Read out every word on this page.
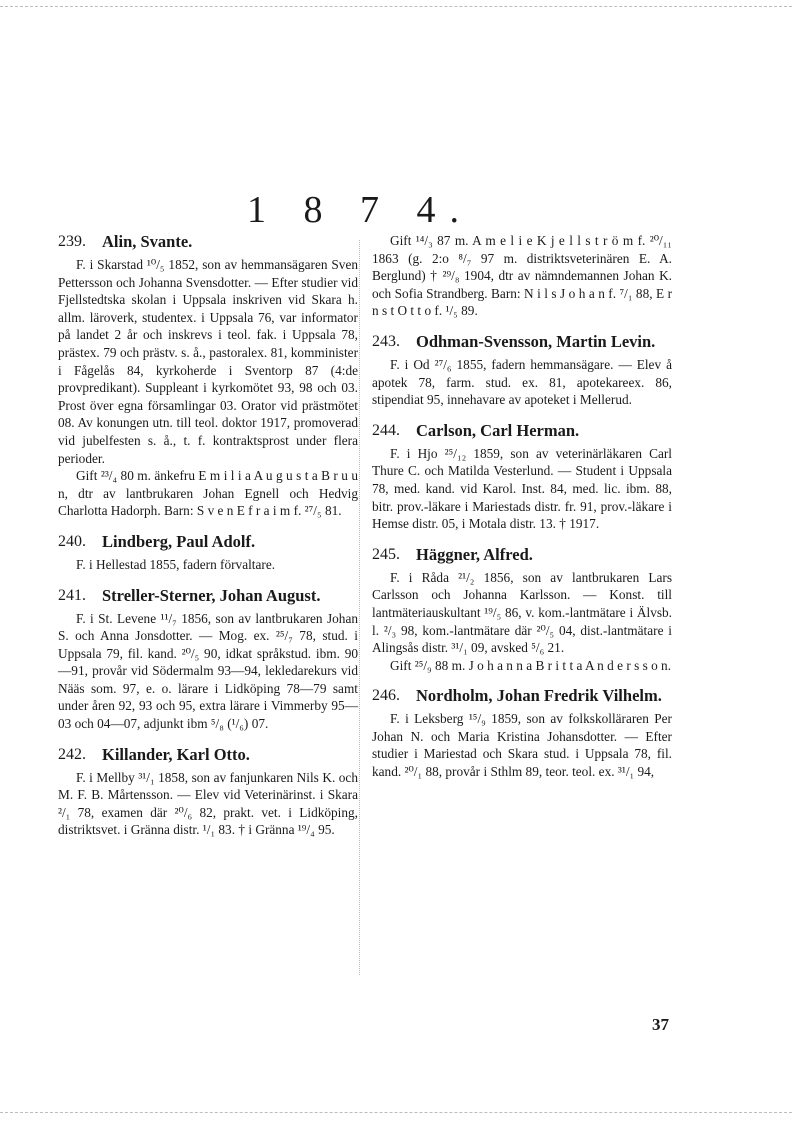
1 8 7 4.
239. Alin, Svante.

F. i Skarstad ¹⁰/₅ 1852, son av hemmansägaren Sven Pettersson och Johanna Svensdotter. — Efter studier vid Fjellstedtska skolan i Uppsala inskriven vid Skara h. allm. läroverk, studentex. i Uppsala 76, var informator på landet 2 år och inskrevs i teol. fak. i Uppsala 78, prästex. 79 och prästv. s. å., pastoralex. 81, komminister i Fågelås 84, kyrkoherde i Sventorp 87 (4:de provpredikant). Suppleant i kyrkomötet 93, 98 och 03. Prost över egna församlingar 03. Orator vid prästmötet 08. Av konungen utn. till teol. doktor 1917, promoverad vid jubelfesten s. å., t. f. kontraktsprost under flera perioder.

Gift ²³/₄ 80 m. änkefru E m i l i a A u g u s t a B r u u n, dtr av lantbrukaren Johan Egnell och Hedvig Charlotta Hadorph. Barn: S v e n E f r a i m f. ²⁷/₅ 81.

240. Lindberg, Paul Adolf.

F. i Hellestad 1855, fadern förvaltare.

241. Streller-Sterner, Johan August.

F. i St. Levene ¹¹/₇ 1856, son av lantbrukaren Johan S. och Anna Jonsdotter. — Mog. ex. ²⁵/₇ 78, stud. i Uppsala 79, fil. kand. ²⁰/₅ 90, idkat språkstud. ibm. 90—91, provår vid Södermalm 93—94, lekledarekurs vid Nääs som. 97, e. o. lärare i Lidköping 78—79 samt under åren 92, 93 och 95, extra lärare i Vimmerby 95—03 och 04—07, adjunkt ibm ⁵/₈ (¹/₆) 07.

242. Killander, Karl Otto.

F. i Mellby ³¹/₁ 1858, son av fanjunkaren Nils K. och M. F. B. Mårtensson. — Elev vid Veterinärinst. i Skara ²/₁ 78, examen där ²⁰/₆ 82, prakt. vet. i Lidköping, distriktsvet. i Gränna distr. ¹/₁ 83. † i Gränna ¹⁹/₄ 95.

Gift ¹⁴/₃ 87 m. A m e l i e K j e l l s t r ö m f. ²⁰/₁₁ 1863 (g. 2:o ⁸/₇ 97 m. distriktsveterinären E. A. Berglund) † ²⁹/₈ 1904, dtr av nämndemannen Johan K. och Sofia Strandberg. Barn: N i l s J o h a n f. ⁷/₁ 88, E r n s t O t t o f. ¹/₅ 89.

243. Odhman-Svensson, Martin Levin.

F. i Od ²⁷/₆ 1855, fadern hemmansägare. — Elev å apotek 78, farm. stud. ex. 81, apotekareex. 86, stipendiat 95, innehavare av apoteket i Mellerud.

244. Carlson, Carl Herman.

F. i Hjo ²⁵/₁₂ 1859, son av veterinärläkaren Carl Thure C. och Matilda Vesterlund. — Student i Uppsala 78, med. kand. vid Karol. Inst. 84, med. lic. ibm. 88, bitr. prov.-läkare i Mariestads distr. fr. 91, prov.-läkare i Hemse distr. 05, i Motala distr. 13. † 1917.

245. Häggner, Alfred.

F. i Råda ²¹/₂ 1856, son av lantbrukaren Lars Carlsson och Johanna Karlsson. — Konst. till lantmäteriauskultant ¹⁹/₅ 86, v. kom.-lantmätare i Älvsb. l. ²/₃ 98, kom.-lantmätare där ²⁰/₅ 04, dist.-lantmätare i Alingsås distr. ³¹/₁ 09, avsked ⁵/₆ 21.

Gift ²⁵/₉ 88 m. J o h a n n a B r i t t a A n d e r s s o n.

246. Nordholm, Johan Fredrik Vilhelm.

F. i Leksberg ¹⁵/₉ 1859, son av folkskolläraren Per Johan N. och Maria Kristina Johansdotter. — Efter studier i Mariestad och Skara stud. i Uppsala 78, fil. kand. ²⁰/₁ 88, provår i Sthlm 89, teor. teol. ex. ³¹/₁ 94,

37
